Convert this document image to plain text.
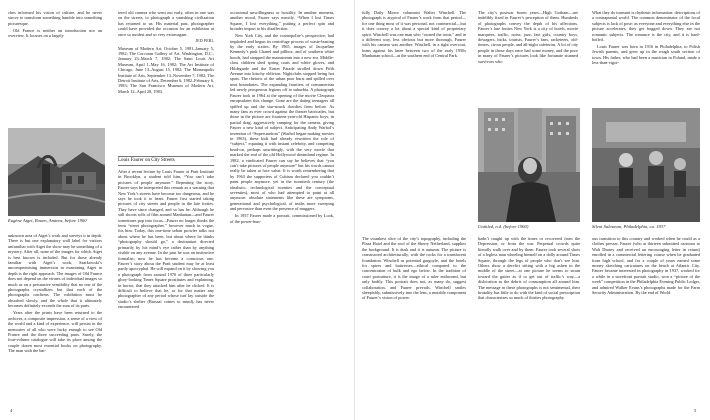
ches informed his vision of culture, and he never strove to transform something humble into something picturesque.

Old France is neither an introduction nor an overview. It focuses on a largely

Eugène Atget, Rouen, Amiens, before 1900

unknown area of Atget’s work and surveys it in depth. There is but one explanatory wall label for visitors unfamiliar with Atget the show may be something of a mystery. After all, none of the images for which Atget is best known is included. But for those already familiar with Atget’s work, Szarkowski’s uncompromising immersion in examining Atget in depth is the right approach. The images of Old France does not depend on the virtues of individual images so much as on a persuasive sensibility that no one of the photographs crystallizes but that each of the photographs confirms. The exhibition must be absorbed slowly, and the whole that it ultimately becomes definitely exceeds the sum of its parts.

Years after the prints have been returned to the archives, a composite impression, a sense of a view of the world and a kind of experience, will persist in the memories of all who were lucky enough to see Old France and the three succeeding parts. Surely, the four-volume catalogue will take its place among the couple dozen most essential books on photography. The man with the bat-

tered old camera who went out early, often in one was on the streets, to photograph a vanishing civilization has returned to us. His material past, photographer could have provided the occasion for an exhibition at once so modest and so very extravagant.

JED PERL

Museum of Modern Art, October 5, 1981–January 5, 1982; The Corcoran Gallery of Art, Washington, D.C., January 23–March 7, 1982; The Saint Louis Art Museum, April 1–May 16, 1982; The Art Institute of Chicago, June 13–August 15, 1982; The Minneapolis Institute of Arts, September 13–November 7, 1982; The Detroit Institute of Arts, December 6, 1982–February 6, 1983; The San Francisco Museum of Modern Art, March 12–April 28, 1983.

Louis Faurer on City Streets

After a recent lecture by Louis Faurer at Pratt Institute in Brooklyn, a student told him, “You can’t take pictures of people anymore.” Repeating the story, Faurer says he interpreted this remark as a warning that New York’s streets have become too dangerous, and he says he took it to heart. Faurer first started taking pictures of city streets and people in the late forties. They have since changed, and so has he. Although he still shoots rolls of film around Manhattan—and Faurer sometimes pop into focus—Faurer no longer thinks the term “street photographer,” however much in vogue, fits him. Today, this one-time urban prowler talks not about where he has been, but about where he thinks “photography should go,” a destination directed primarily by his mind’s eye rather than by anything visible on any avenue. In the past he was an instinctive formalist; now he has become a conscious one. Faurer’s story about the Pratt student may be at least partly apocryphal. He will expand on it by showing you a photograph from around 1970 of three particularly glory-looking Times Square prostitutes and explaining, in horror, that they attacked him after he clicked. It is difficult to believe that he, or for that matter any photographer of any period whose turf lay outside the studio’s shelter (Brassaï comes to mind), has never encountered

occasional unwillingness or hostility. In another moment, another mood, Faurer says merrily, “When I lost Times Square, I lost everything,” putting a perfect spin and broader import to his disaffection.

New York City, and the cosmopolite’s perspective, had imploded and begun its centrifuge process of waste-busting by the early sixties. By 1965, images of Jacqueline Kennedy’s pink Chanel and pillbox, and of southern white hoods, had strapped the mainstream into a new era. Middle-class children shed spring coats and white gloves, and Hildegarde and the Easter Parade strolled down Fifth Avenue into kitschy oblivion. Nightclubs stopped being hot spots. The rhetoric of the urban poor burst and spilled over neat boundaries. The expanding frontiers of consumerism led newly prosperous legions off to suburbia. A photograph Faurer took in 1964 at the opening of the movie Cleopatra encapsulates this change. Gone are the dating teenagers all spiffed up and the star-struck dowdies from before. As many fans as ever crowd against the theater barricades, but those in the picture are fourteen-year-old Hispanic boys, in partial drag, aggressively camping for the camera, giving Faurer a new kind of subject. Anticipating Andy Warhol’s invention of “Superstardom” (Warhol began making movies in 1963), these kids had already rewritten the role of “subject,” equating it with instant celebrity, and competing head-on, perhaps unwittingly, with the very movie that marked the end of the old Hollywood dreamland regime. In 1982, a vindicated Faurer can say he believes that “you can’t take pictures of people anymore” but his words cannot really be taken at face value. It is worth remembering that by 1963 the supporters of Cubism declared you couldn’t paint people anymore, yet in the twentieth century (the idealistic, technological twenties and the conceptual seventies), most of who had attempted to paint at all anymore: absolute statements like these are symptoms, generational and psychological, of truths more sweeping and pervasive than even the presence of muggers.

In 1957 Faurer made a portrait, commissioned by Look, of the power-hun-

4

fully Daily Mirror columnist Walter Winchell. The photograph is atypical of Faurer’s work from that period—for one thing most of it was personal, not commercial—but it does convey a lot about a special kind of proprietary spirit. Winchell was one man who “owned the town,” and in a different way, less obvious but more thorough, Faurer with his camera was another. Winchell, in a tight overcoat, leans against his knee between two of the early 1950s Manhattan school—at the southern end of Central Park.

The city’s postwar boom years—High Gotham—are indelibly fixed in Faurer’s perception of them. Hundreds of photographs convey the depth of his affections. Faurer’s late forties New York is a city of hotels, movie marquees, traffic, noise, jazz, fast girls, country boys, dowagers, hicks, tourists, Faurer’s fans, racketeers, old-timers, circus people, and all-night cafeterias. A lot of city people in those days once had some money, and the poor in many of Faurer’s pictures look like fortunate stunned survivors who

What they do transmit is rhythmic information: descriptions of a contrapuntal world. The common denominator of the focal subjects is lack of pose: as everyone and everything else in the picture accelerates, they get bogged down. They are not romantic subjects. The romance is the city, and it is hard-boiled.

Louis Faurer was born in 1916 in Philadelphia, to Polish Jewish parents, and grew up in the rough south section of town. His father, who had been a musician in Poland, made a less-than-vigor-

Untitled, n.d. (before 1960)	Silent Salesman, Philadelphia, ca. 1937

The swankest slice of the city’s topography, including the Plaza Hotel and the roof of the Sherry Netherland, supplies the background. It is dusk and it is autumn. The picture is constructed architecturally, with the rocks for a translucent foundation. Winchell as potential gargoyle, and the hotels for spires and buttresses—ethical compared to the concentration of bulk and ego below. In the tradition of court portraiture, it is the image of a ruler enthroned, but only bodily. This portrait does not, as many do, suggest collaboration, and Faurer prevails. Winchell smiles sheepishly, submissively into the lens, a mutable component of Faurer’s vision of power.

hadn’t caught up with the times or recovered from the Depression, or from the war. Perpetual crowds quite literally walk over and by them. Faurer took several shots of a legless man wheeling himself on a dolly around Times Square, through the legs of people who don’t see him. Others show a derelict sitting with a big ashen in the middle of the street—at one picture he seems to strain toward the gutter as if to get out of traffic’s way—a dislocation as the debris of consumption all around him. The message in these photographs is not sentimental, their brutality has little to do with the kind of social prescription that characterizes so much of thirties photography.

ous transition to this country and worked when he could as a clothes presser. Faurer (who at thirteen submitted cartoons to Walt Disney and received an encouraging letter in return) enrolled in a commercial lettering course when he graduated from high school, and for a couple of years earned some money sketching caricatures on the beach at Atlantic City. Faurer became interested in photography in 1937, worked for a while in a storefront portrait studio, won a “picture of the week” competition in the Philadelphia Evening Public Ledger, and admired Walker Evans’s photographs made for the Farm Security Administration. By the end of World

5
